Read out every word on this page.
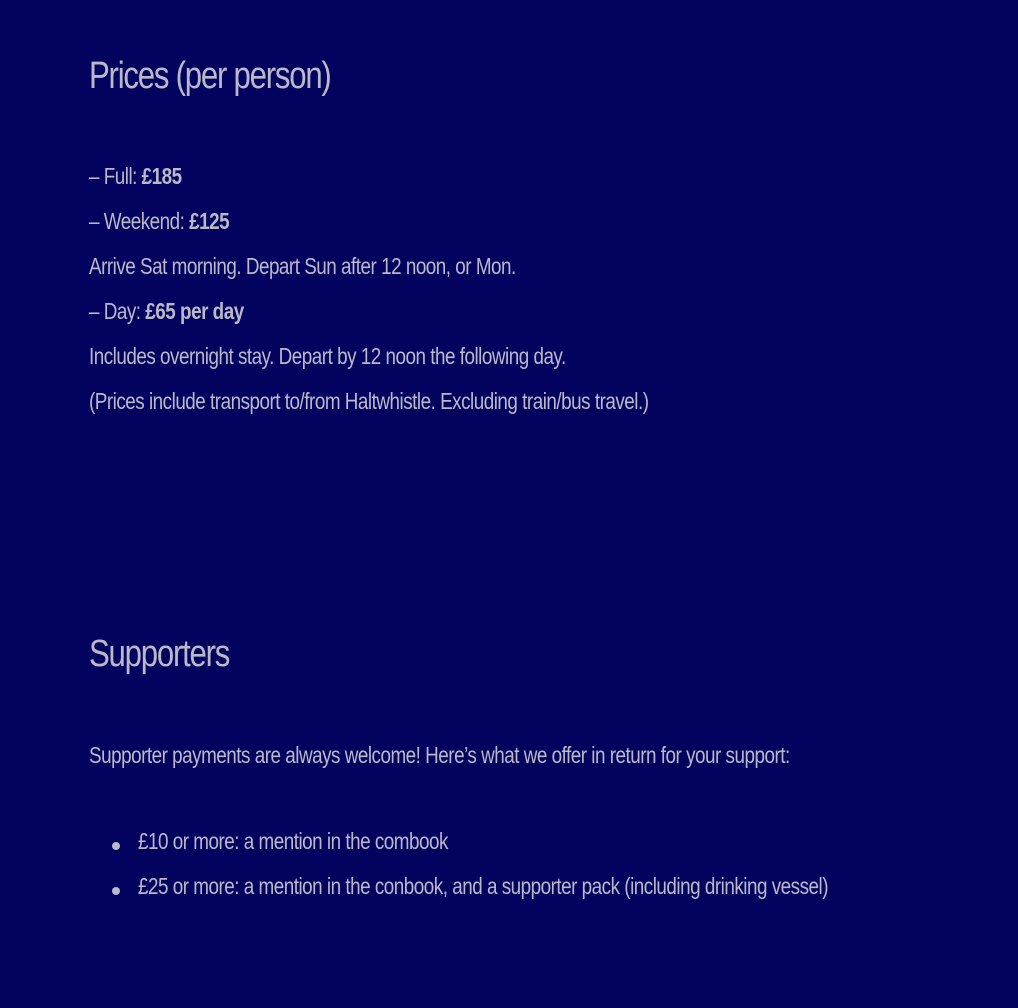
Prices (per person)
– Full: £185
– Weekend: £125
Arrive Sat morning. Depart Sun after 12 noon, or Mon.
– Day: £65 per day
Includes overnight stay. Depart by 12 noon the following day.
(Prices include transport to/from Haltwhistle. Excluding train/bus travel.)
Supporters
Supporter payments are always welcome! Here’s what we offer in return for your support:
£10 or more: a mention in the combook
£25 or more: a mention in the conbook, and a supporter pack (including drinking vessel)
